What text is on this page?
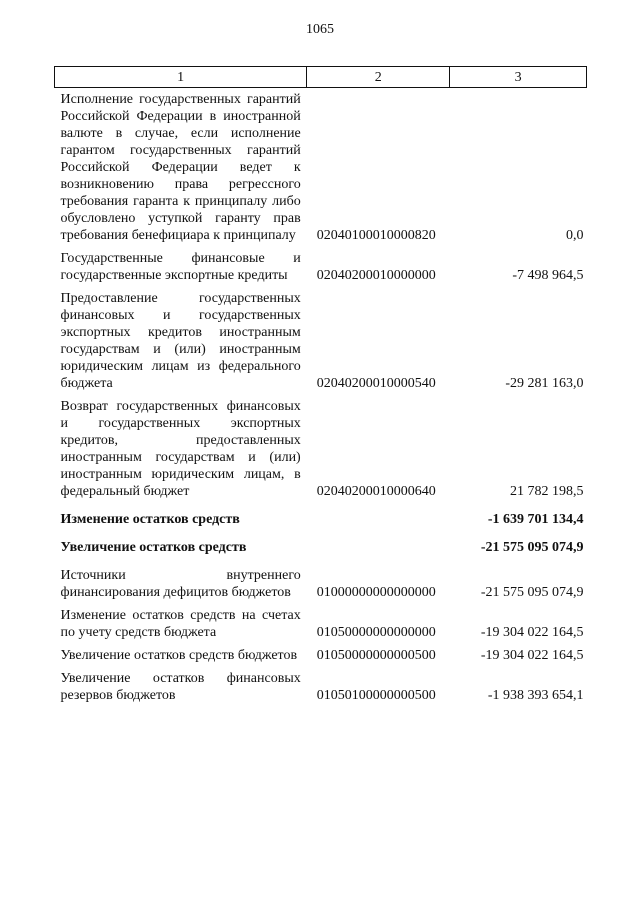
1065
1	2	3
Исполнение государственных гарантий Российской Федерации в иностранной валюте в случае, если исполнение гарантом государственных гарантий Российской Федерации ведет к возникновению права регрессного требования гаранта к принципалу либо обусловлено уступкой гаранту прав требования бенефициара к принципалу	02040100010000820	0,0
Государственные финансовые и государственные экспортные кредиты	02040200010000000	-7 498 964,5
Предоставление государственных финансовых и государственных экспортных кредитов иностранным государствам и (или) иностранным юридическим лицам из федерального бюджета	02040200010000540	-29 281 163,0
Возврат государственных финансовых и государственных экспортных кредитов, предоставленных иностранным государствам и (или) иностранным юридическим лицам, в федеральный бюджет	02040200010000640	21 782 198,5
Изменение остатков средств		-1 639 701 134,4
Увеличение остатков средств		-21 575 095 074,9
Источники внутреннего финансирования дефицитов бюджетов	01000000000000000	-21 575 095 074,9
Изменение остатков средств на счетах по учету средств бюджета	01050000000000000	-19 304 022 164,5
Увеличение остатков средств бюджетов	01050000000000500	-19 304 022 164,5
Увеличение остатков финансовых резервов бюджетов	01050100000000500	-1 938 393 654,1
